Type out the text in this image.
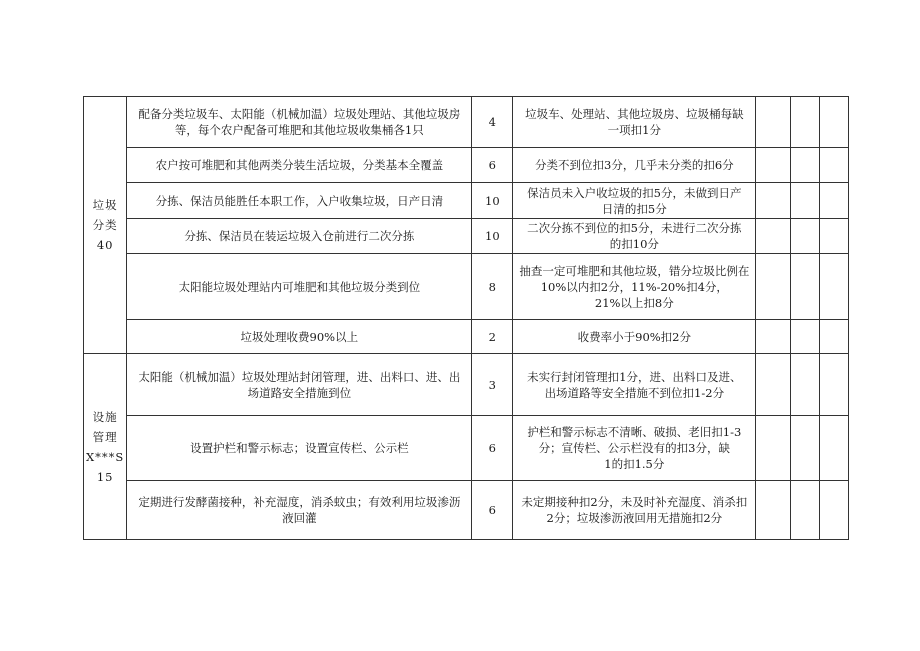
垃圾
分类
40	配备分类垃圾车、太阳能（机械加温）垃圾处理站、其他垃圾房
等，每个农户配备可堆肥和其他垃圾收集桶各1只	4	垃圾车、处理站、其他垃圾房、垃圾桶每缺
一项扣1分			

	农户按可堆肥和其他两类分装生活垃圾，分类基本全覆盖	6	分类不到位扣3分，几乎未分类的扣6分			

	分拣、保洁员能胜任本职工作，入户收集垃圾，日产日清	10	保洁员未入户收垃圾的扣5分，未做到日产
日清的扣5分			

	分拣、保洁员在装运垃圾入仓前进行二次分拣	10	二次分拣不到位的扣5分，未进行二次分拣
的扣10分			

	太阳能垃圾处理站内可堆肥和其他垃圾分类到位	8	抽查一定可堆肥和其他垃圾，错分垃圾比例在
10%以内扣2分，11%-20%扣4分，
21%以上扣8分			

	垃圾处理收费90%以上	2	收费率小于90%扣2分			

设施
管理
X***S
15	太阳能（机械加温）垃圾处理站封闭管理，进、出料口、进、出
场道路安全措施到位	3	未实行封闭管理扣1分，进、出料口及进、
出场道路等安全措施不到位扣1-2分			

	设置护栏和警示标志；设置宣传栏、公示栏	6	护栏和警示标志不清晰、破损、老旧扣1-3
分；宣传栏、公示栏没有的扣3分，缺
1的扣1.5分			

	定期进行发酵菌接种，补充湿度，消杀蚊虫；有效利用垃圾渗沥
液回灌	6	未定期接种扣2分，未及时补充湿度、消杀扣
2分；垃圾渗沥液回用无措施扣2分			
